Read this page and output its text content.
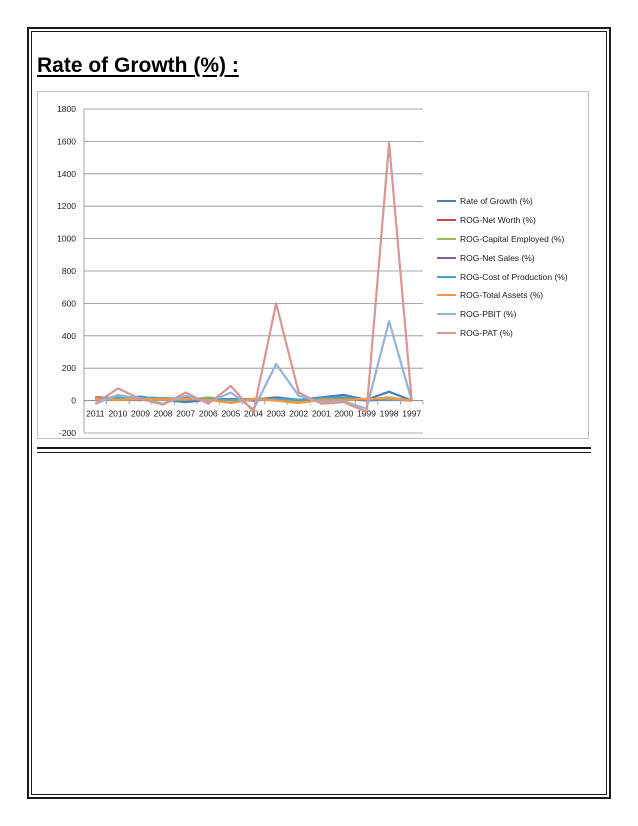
Rate of Growth (%) :
-200
0
200
400
600
800
1000
1200
1400
1600
1800
2011 2010 2009 2008 2007 2006 2005 2004 2003 2002 2001 2000 1999 1998 1997
Rate of Growth (%)
ROG-Net Worth (%)
ROG-Capital Employed (%)
ROG-Net Sales (%)
ROG-Cost of Production (%)
ROG-Total Assets (%)
ROG-PBIT (%)
ROG-PAT (%)
